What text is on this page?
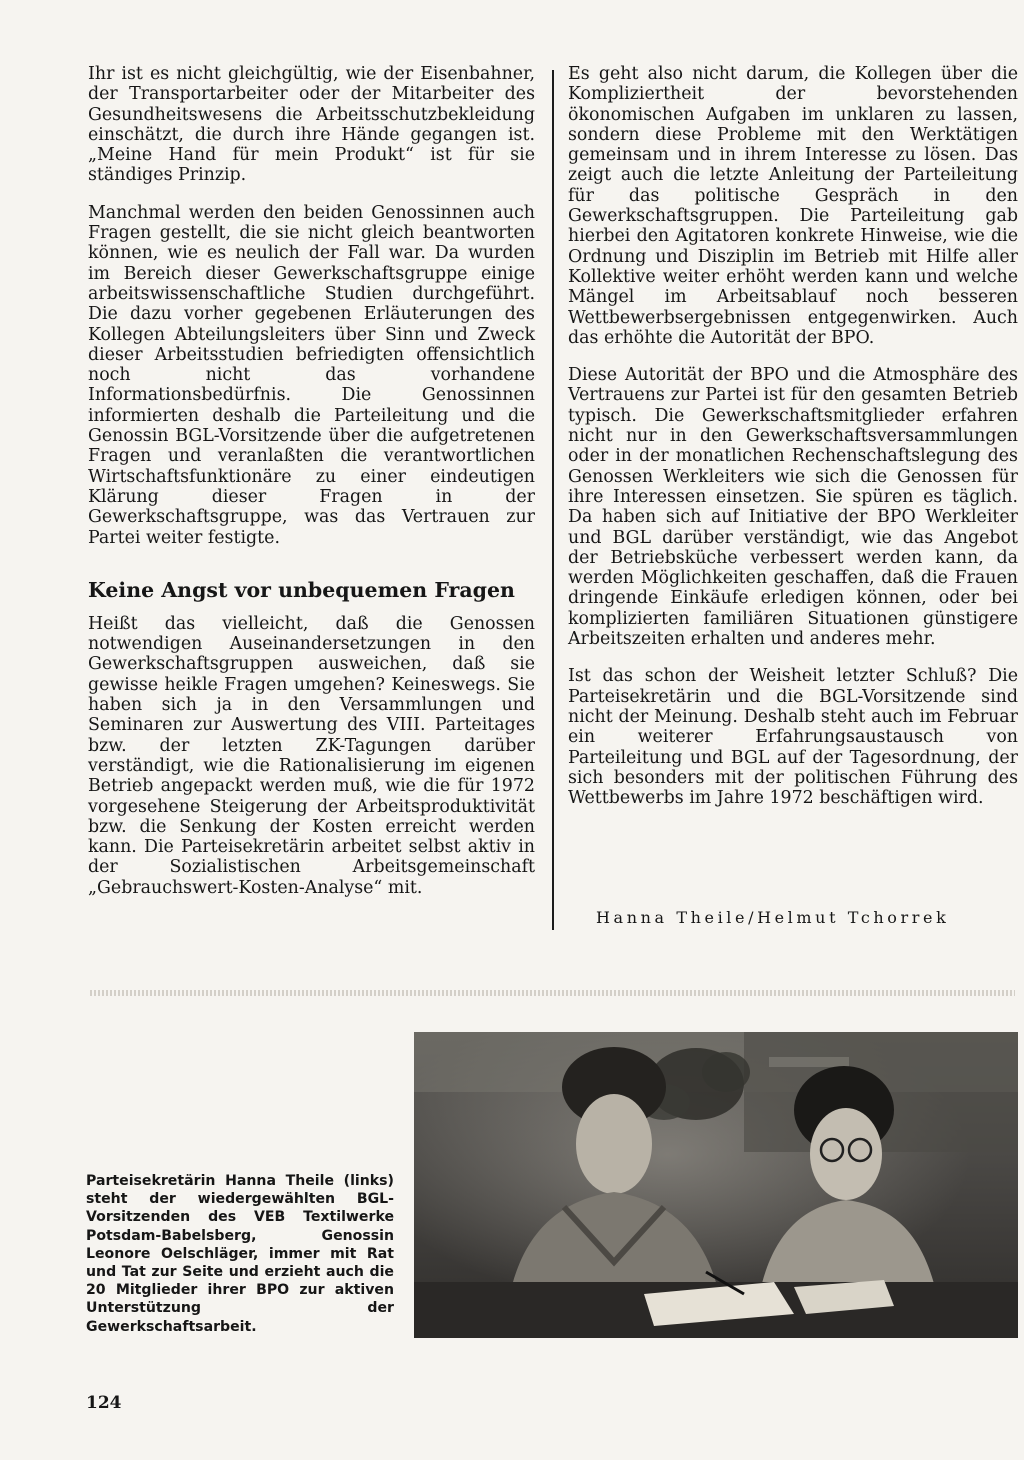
Ihr ist es nicht gleichgültig, wie der Eisenbahner, der Transportarbeiter oder der Mitarbeiter des Gesundheitswesens die Arbeitsschutzbekleidung einschätzt, die durch ihre Hände gegangen ist. „Meine Hand für mein Produkt“ ist für sie ständiges Prinzip.

Manchmal werden den beiden Genossinnen auch Fragen gestellt, die sie nicht gleich beantworten können, wie es neulich der Fall war. Da wurden im Bereich dieser Gewerkschaftsgruppe einige arbeitswissenschaftliche Studien durchgeführt. Die dazu vorher gegebenen Erläuterungen des Kollegen Abteilungsleiters über Sinn und Zweck dieser Arbeitsstudien befriedigten offensichtlich noch nicht das vorhandene Informationsbedürfnis. Die Genossinnen informierten deshalb die Parteileitung und die Genossin BGL-Vorsitzende über die aufgetretenen Fragen und veranlaßten die verantwortlichen Wirtschaftsfunktionäre zu einer eindeutigen Klärung dieser Fragen in der Gewerkschaftsgruppe, was das Vertrauen zur Partei weiter festigte.

Keine Angst vor unbequemen Fragen

Heißt das vielleicht, daß die Genossen notwendigen Auseinandersetzungen in den Gewerkschaftsgruppen ausweichen, daß sie gewisse heikle Fragen umgehen? Keineswegs. Sie haben sich ja in den Versammlungen und Seminaren zur Auswertung des VIII. Parteitages bzw. der letzten ZK-Tagungen darüber verständigt, wie die Rationalisierung im eigenen Betrieb angepackt werden muß, wie die für 1972 vorgesehene Steigerung der Arbeitsproduktivität bzw. die Senkung der Kosten erreicht werden kann. Die Parteisekretärin arbeitet selbst aktiv in der Sozialistischen Arbeitsgemeinschaft „Gebrauchswert-Kosten-Analyse“ mit.

Es geht also nicht darum, die Kollegen über die Kompliziertheit der bevorstehenden ökonomischen Aufgaben im unklaren zu lassen, sondern diese Probleme mit den Werktätigen gemeinsam und in ihrem Interesse zu lösen. Das zeigt auch die letzte Anleitung der Parteileitung für das politische Gespräch in den Gewerkschaftsgruppen. Die Parteileitung gab hierbei den Agitatoren konkrete Hinweise, wie die Ordnung und Disziplin im Betrieb mit Hilfe aller Kollektive weiter erhöht werden kann und welche Mängel im Arbeitsablauf noch besseren Wettbewerbsergebnissen entgegenwirken. Auch das erhöhte die Autorität der BPO.

Diese Autorität der BPO und die Atmosphäre des Vertrauens zur Partei ist für den gesamten Betrieb typisch. Die Gewerkschaftsmitglieder erfahren nicht nur in den Gewerkschaftsversammlungen oder in der monatlichen Rechenschaftslegung des Genossen Werkleiters wie sich die Genossen für ihre Interessen einsetzen. Sie spüren es täglich. Da haben sich auf Initiative der BPO Werkleiter und BGL darüber verständigt, wie das Angebot der Betriebsküche verbessert werden kann, da werden Möglichkeiten geschaffen, daß die Frauen dringende Einkäufe erledigen können, oder bei komplizierten familiären Situationen günstigere Arbeitszeiten erhalten und anderes mehr.

Ist das schon der Weisheit letzter Schluß? Die Parteisekretärin und die BGL-Vorsitzende sind nicht der Meinung. Deshalb steht auch im Februar ein weiterer Erfahrungsaustausch von Parteileitung und BGL auf der Tagesordnung, der sich besonders mit der politischen Führung des Wettbewerbs im Jahre 1972 beschäftigen wird.

Hanna Theile/Helmut Tchorrek
Parteisekretärin Hanna Theile (links) steht der wiedergewählten BGL-Vorsitzenden des VEB Textilwerke Potsdam-Babelsberg, Genossin Leonore Oelschläger, immer mit Rat und Tat zur Seite und erzieht auch die 20 Mitglieder ihrer BPO zur aktiven Unterstützung der Gewerkschaftsarbeit.
124
